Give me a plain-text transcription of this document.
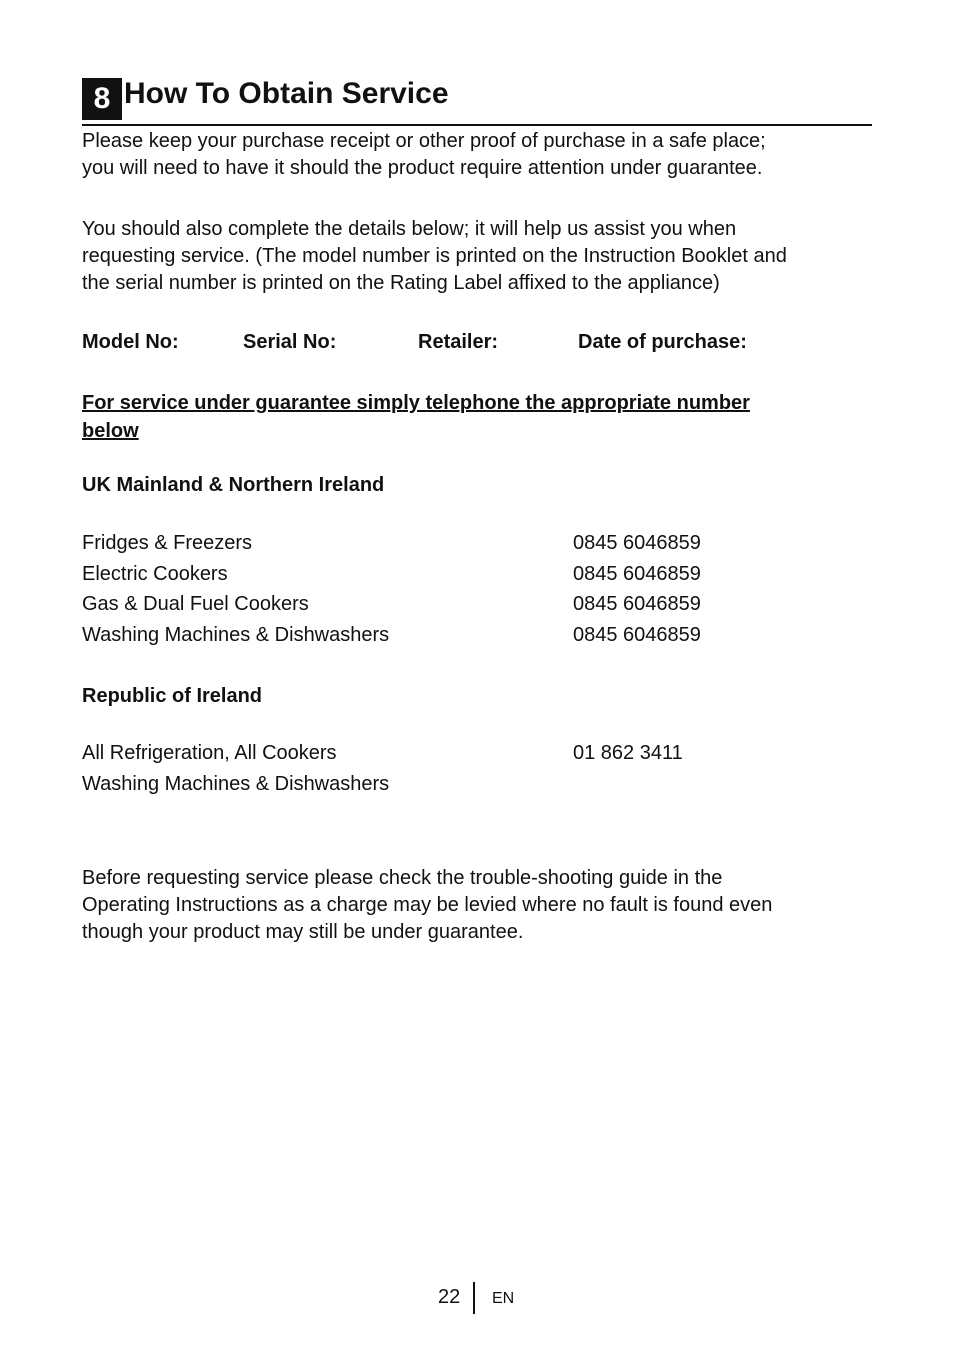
8 How To Obtain Service
Please keep your purchase receipt or other proof of purchase in a safe place;
you will need to have it should the product require attention under guarantee.
You should also complete the details below; it will help us assist you when
requesting service. (The model number is printed on the Instruction Booklet and
the serial number is printed on the Rating Label affixed to the appliance)
Model No:	Serial No:	Retailer:	Date of purchase:
For service under guarantee simply telephone the appropriate number
below
UK Mainland & Northern Ireland
Fridges & Freezers	0845 6046859
Electric Cookers	0845 6046859
Gas & Dual Fuel Cookers	0845 6046859
Washing Machines & Dishwashers	0845 6046859
Republic of Ireland
All Refrigeration, All Cookers	01 862 3411
Washing Machines & Dishwashers
Before requesting service please check the trouble-shooting guide in the
Operating Instructions as a charge may be levied where no fault is found even
though your product may still be under guarantee.
22 EN
